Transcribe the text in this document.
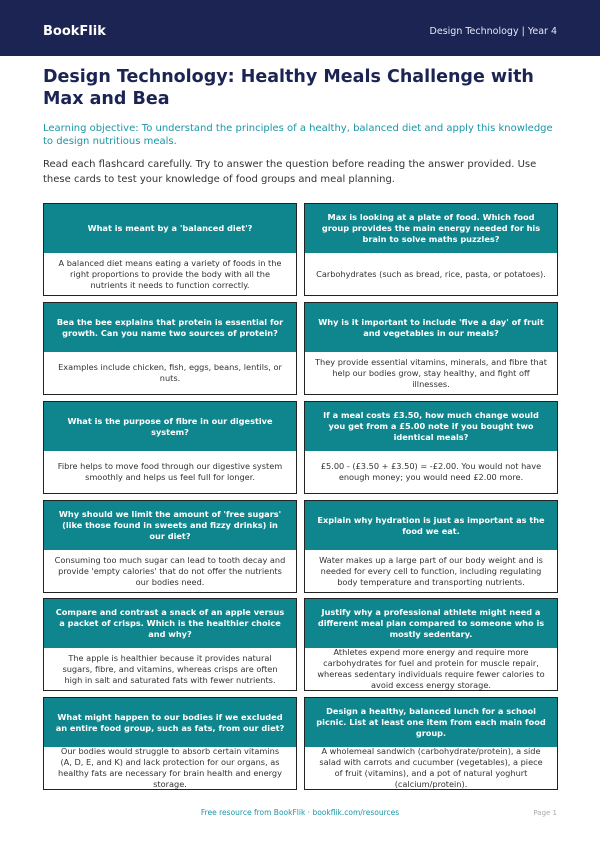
BookFlik	Design Technology | Year 4
Design Technology: Healthy Meals Challenge with Max and Bea
Learning objective: To understand the principles of a healthy, balanced diet and apply this knowledge to design nutritious meals.
Read each flashcard carefully. Try to answer the question before reading the answer provided. Use these cards to test your knowledge of food groups and meal planning.
What is meant by a 'balanced diet'?
A balanced diet means eating a variety of foods in the right proportions to provide the body with all the nutrients it needs to function correctly.
Max is looking at a plate of food. Which food group provides the main energy needed for his brain to solve maths puzzles?
Carbohydrates (such as bread, rice, pasta, or potatoes).
Bea the bee explains that protein is essential for growth. Can you name two sources of protein?
Examples include chicken, fish, eggs, beans, lentils, or nuts.
Why is it important to include 'five a day' of fruit and vegetables in our meals?
They provide essential vitamins, minerals, and fibre that help our bodies grow, stay healthy, and fight off illnesses.
What is the purpose of fibre in our digestive system?
Fibre helps to move food through our digestive system smoothly and helps us feel full for longer.
If a meal costs £3.50, how much change would you get from a £5.00 note if you bought two identical meals?
£5.00 - (£3.50 + £3.50) = -£2.00. You would not have enough money; you would need £2.00 more.
Why should we limit the amount of 'free sugars' (like those found in sweets and fizzy drinks) in our diet?
Consuming too much sugar can lead to tooth decay and provide 'empty calories' that do not offer the nutrients our bodies need.
Explain why hydration is just as important as the food we eat.
Water makes up a large part of our body weight and is needed for every cell to function, including regulating body temperature and transporting nutrients.
Compare and contrast a snack of an apple versus a packet of crisps. Which is the healthier choice and why?
The apple is healthier because it provides natural sugars, fibre, and vitamins, whereas crisps are often high in salt and saturated fats with fewer nutrients.
Justify why a professional athlete might need a different meal plan compared to someone who is mostly sedentary.
Athletes expend more energy and require more carbohydrates for fuel and protein for muscle repair, whereas sedentary individuals require fewer calories to avoid excess energy storage.
What might happen to our bodies if we excluded an entire food group, such as fats, from our diet?
Our bodies would struggle to absorb certain vitamins (A, D, E, and K) and lack protection for our organs, as healthy fats are necessary for brain health and energy storage.
Design a healthy, balanced lunch for a school picnic. List at least one item from each main food group.
A wholemeal sandwich (carbohydrate/protein), a side salad with carrots and cucumber (vegetables), a piece of fruit (vitamins), and a pot of natural yoghurt (calcium/protein).
Free resource from BookFlik · bookflik.com/resources	Page 1
